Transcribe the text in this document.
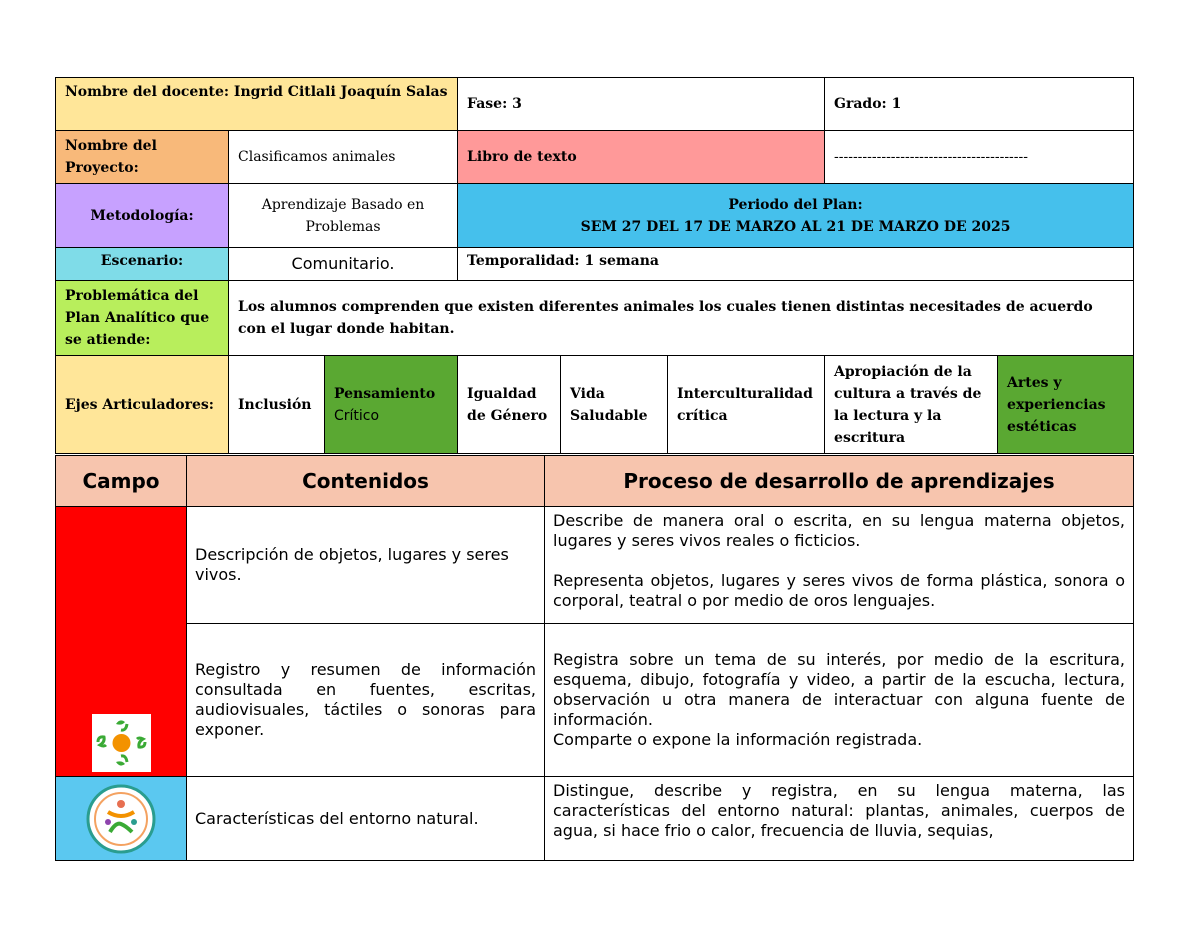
Nombre del docente: Ingrid Citlali Joaquín Salas			Fase: 3			Grado: 1	
Nombre del Proyecto:	Clasificamos animales		Libro de texto			-----------------------------------------	
Metodología:	Aprendizaje Basado en Problemas		Periodo del Plan:
SEM 27 DEL 17 DE MARZO AL 21 DE MARZO DE 2025				

Escenario:	Comunitario.		Temporalidad: 1 semana				
Problemática del Plan Analítico que se atiende:	Los alumnos comprenden que existen diferentes animales los cuales tienen distintas necesitades de acuerdo con el lugar donde habitan.						
Ejes Articuladores:	Inclusión	Pensamiento
Crítico	Igualdad de Género	Vida Saludable	Interculturalidad crítica	Apropiación de la cultura a través de la lectura y la escritura	Artes y experiencias estéticas
Campo	Contenidos	Proceso de desarrollo de aprendizajes
	Descripción de objetos, lugares y seres vivos.	Describe de manera oral o escrita, en su lengua materna objetos, lugares y seres vivos reales o ficticios.

Representa objetos, lugares y seres vivos de forma plástica, sonora o corporal, teatral o por medio de oros lenguajes.

	Registro y resumen de información consultada en fuentes, escritas, audiovisuales, táctiles o sonoras para exponer.	Registra sobre un tema de su interés, por medio de la escritura, esquema, dibujo, fotografía y video, a partir de la escucha, lectura, observación u otra manera de interactuar con alguna fuente de información.

Comparte o expone la información registrada.

	Características del entorno natural.	Distingue, describe y registra, en su lengua materna, las características del entorno natural: plantas, animales, cuerpos de agua, si hace frio o calor, frecuencia de lluvia, sequias,
